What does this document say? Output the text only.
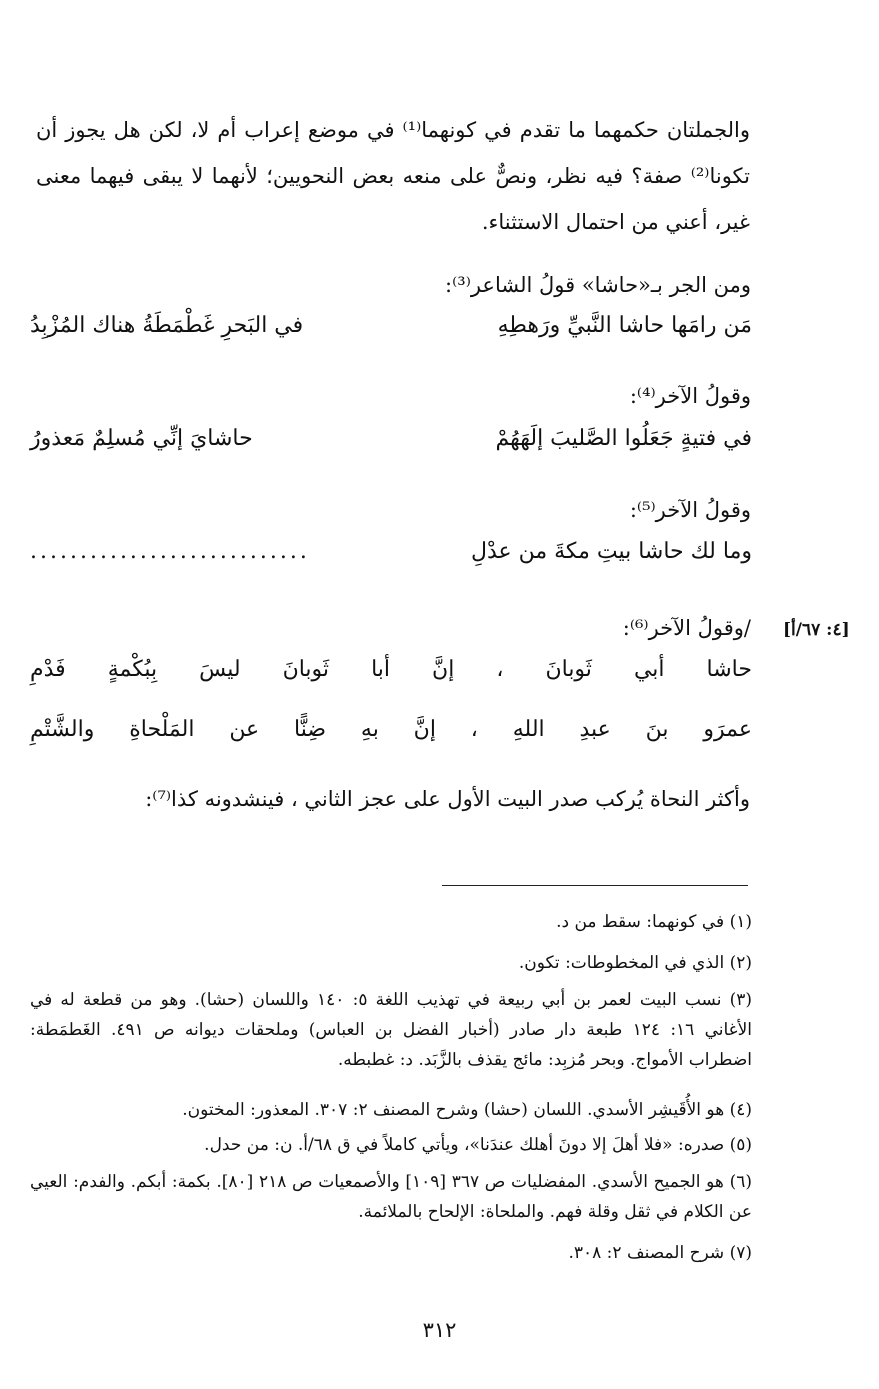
والجملتان حكمهما ما تقدم في كونهما⁽¹⁾ في موضع إعراب أم لا، لكن هل يجوز أن تكونا⁽²⁾ صفة؟ فيه نظر، ونصٌّ على منعه بعض النحويين؛ لأنهما لا يبقى فيهما معنى غير، أعني من احتمال الاستثناء.
ومن الجر بـ«حاشا» قولُ الشاعر⁽³⁾:
مَن رامَها حاشا النَّبيِّ ورَهطِهِ
في البَحرِ غَطْمَطَةُ هناك المُزْبِدُ
وقولُ الآخر⁽⁴⁾:
في فتيةٍ جَعَلُوا الصَّليبَ إلَهَهُمْ
حاشايَ إنِّي مُسلِمٌ مَعذورُ
وقولُ الآخر⁽⁵⁾:
وما لك حاشا بيتِ مكةَ من عدْلِ
............................
/وقولُ الآخر⁽⁶⁾: [٤: ٦٧/أ]
حاشا
أبي
ثَوبانَ
،
إنَّ
أبا
ثَوبانَ
ليسَ
بِبُكْمةٍ
فَدْمِ
عمرَو
بنَ
عبدِ
اللهِ
،
إنَّ
بهِ
ضِنًّا
عن
المَلْحاةِ
والشَّتْمِ
وأكثر النحاة يُركب صدر البيت الأول على عجز الثاني ، فينشدونه كذا⁽⁷⁾:
(١) في كونهما: سقط من د.
(٢) الذي في المخطوطات: تكون.
(٣) نسب البيت لعمر بن أبي ربيعة في تهذيب اللغة ٥: ١٤٠ واللسان (حشا). وهو من قطعة له في الأغاني ١٦: ١٢٤ طبعة دار صادر (أخبار الفضل بن العباس) وملحقات ديوانه ص ٤٩١. الغَطمَطة: اضطراب الأمواج. وبحر مُزبِد: مائج يقذف بالزَّبَد. د: غطبطه.
(٤) هو الأُقَيشِر الأسدي. اللسان (حشا) وشرح المصنف ٢: ٣٠٧. المعذور: المختون.
(٥) صدره: «فلا أهلَ إلا دونَ أهلك عندَنا»، ويأتي كاملاً في ق ٦٨/أ. ن: من حدل.
(٦) هو الجميح الأسدي. المفضليات ص ٣٦٧ [١٠٩] والأصمعيات ص ٢١٨ [٨٠]. بكمة: أبكم. والفدم: العيي عن الكلام في ثقل وقلة فهم. والملحاة: الإلحاح بالملائمة.
(٧) شرح المصنف ٢: ٣٠٨.
٣١٢
